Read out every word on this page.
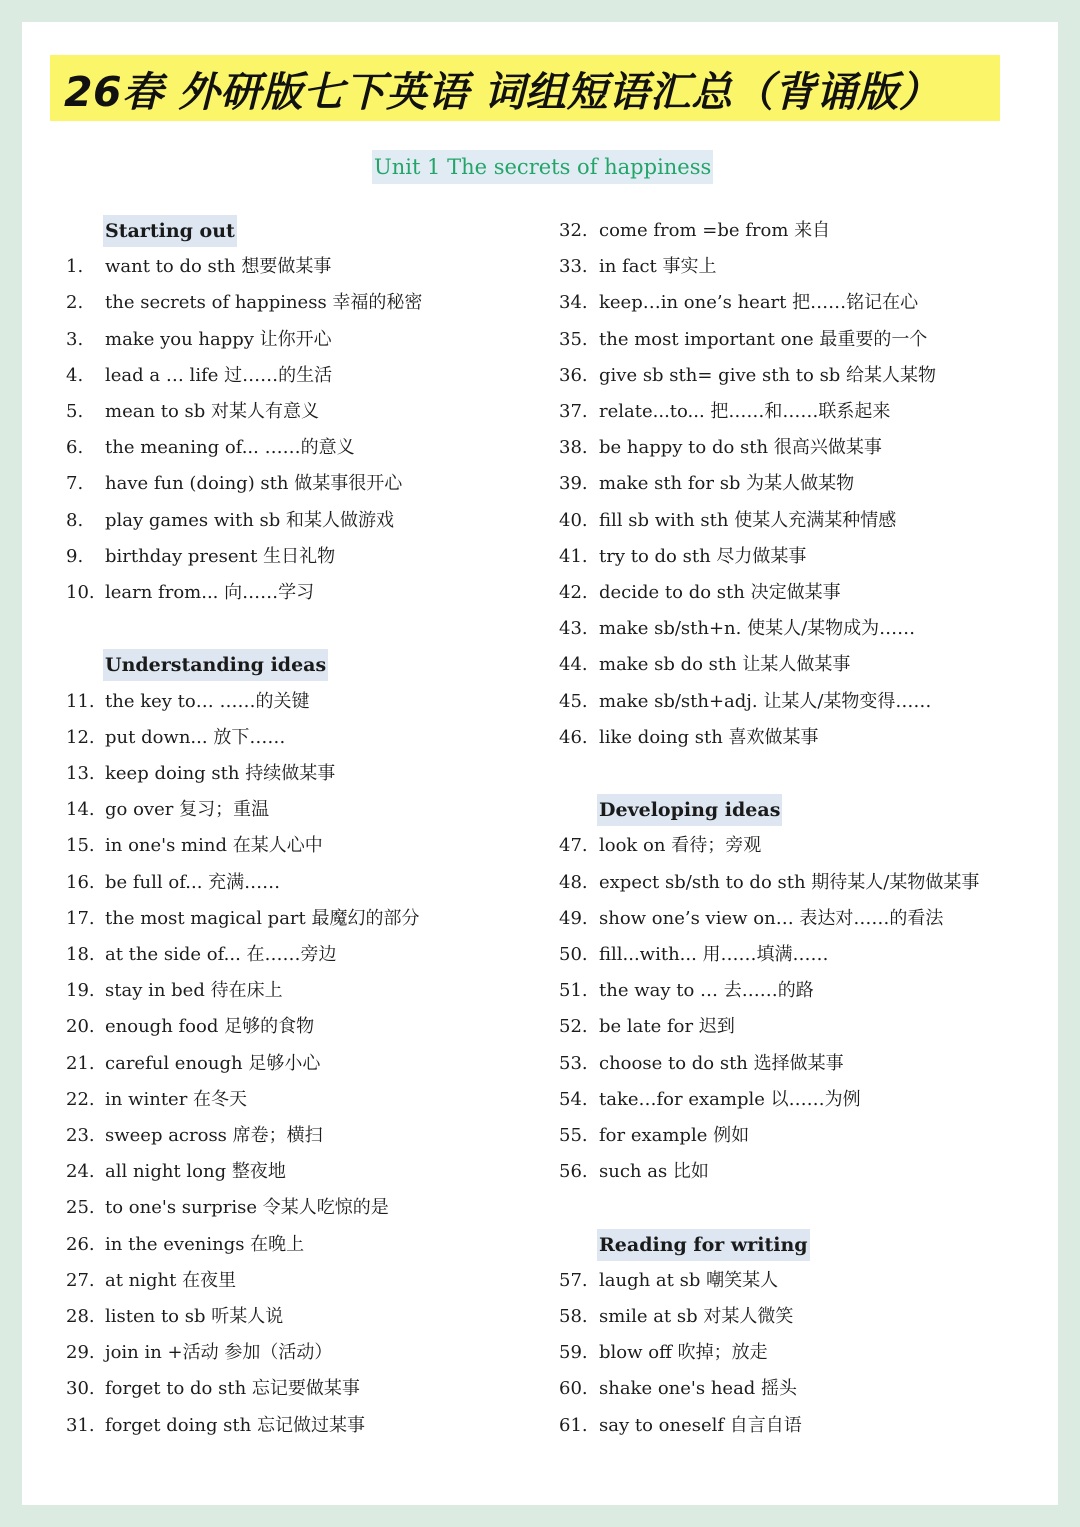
26春 外研版七下英语 词组短语汇总（背诵版）
Unit 1 The secrets of happiness
Starting out
1. want to do sth 想要做某事
2. the secrets of happiness 幸福的秘密
3. make you happy 让你开心
4. lead a … life 过……的生活
5. mean to sb 对某人有意义
6. the meaning of... ……的意义
7. have fun (doing) sth 做某事很开心
8. play games with sb 和某人做游戏
9. birthday present 生日礼物
10. learn from... 向……学习
Understanding ideas
11. the key to… ……的关键
12. put down... 放下……
13. keep doing sth 持续做某事
14. go over 复习；重温
15. in one's mind 在某人心中
16. be full of... 充满……
17. the most magical part 最魔幻的部分
18. at the side of... 在……旁边
19. stay in bed 待在床上
20. enough food 足够的食物
21. careful enough 足够小心
22. in winter 在冬天
23. sweep across 席卷；横扫
24. all night long 整夜地
25. to one's surprise 令某人吃惊的是
26. in the evenings 在晚上
27. at night 在夜里
28. listen to sb 听某人说
29. join in +活动 参加（活动）
30. forget to do sth 忘记要做某事
31. forget doing sth 忘记做过某事
32. come from =be from 来自
33. in fact 事实上
34. keep…in one’s heart 把……铭记在心
35. the most important one 最重要的一个
36. give sb sth= give sth to sb 给某人某物
37. relate...to... 把……和……联系起来
38. be happy to do sth 很高兴做某事
39. make sth for sb 为某人做某物
40. fill sb with sth 使某人充满某种情感
41. try to do sth 尽力做某事
42. decide to do sth 决定做某事
43. make sb/sth+n. 使某人/某物成为……
44. make sb do sth 让某人做某事
45. make sb/sth+adj. 让某人/某物变得……
46. like doing sth 喜欢做某事
Developing ideas
47. look on 看待；旁观
48. expect sb/sth to do sth 期待某人/某物做某事
49. show one’s view on… 表达对……的看法
50. fill...with... 用……填满……
51. the way to … 去……的路
52. be late for 迟到
53. choose to do sth 选择做某事
54. take…for example 以……为例
55. for example 例如
56. such as 比如
Reading for writing
57. laugh at sb 嘲笑某人
58. smile at sb 对某人微笑
59. blow off 吹掉；放走
60. shake one's head 摇头
61. say to oneself 自言自语
